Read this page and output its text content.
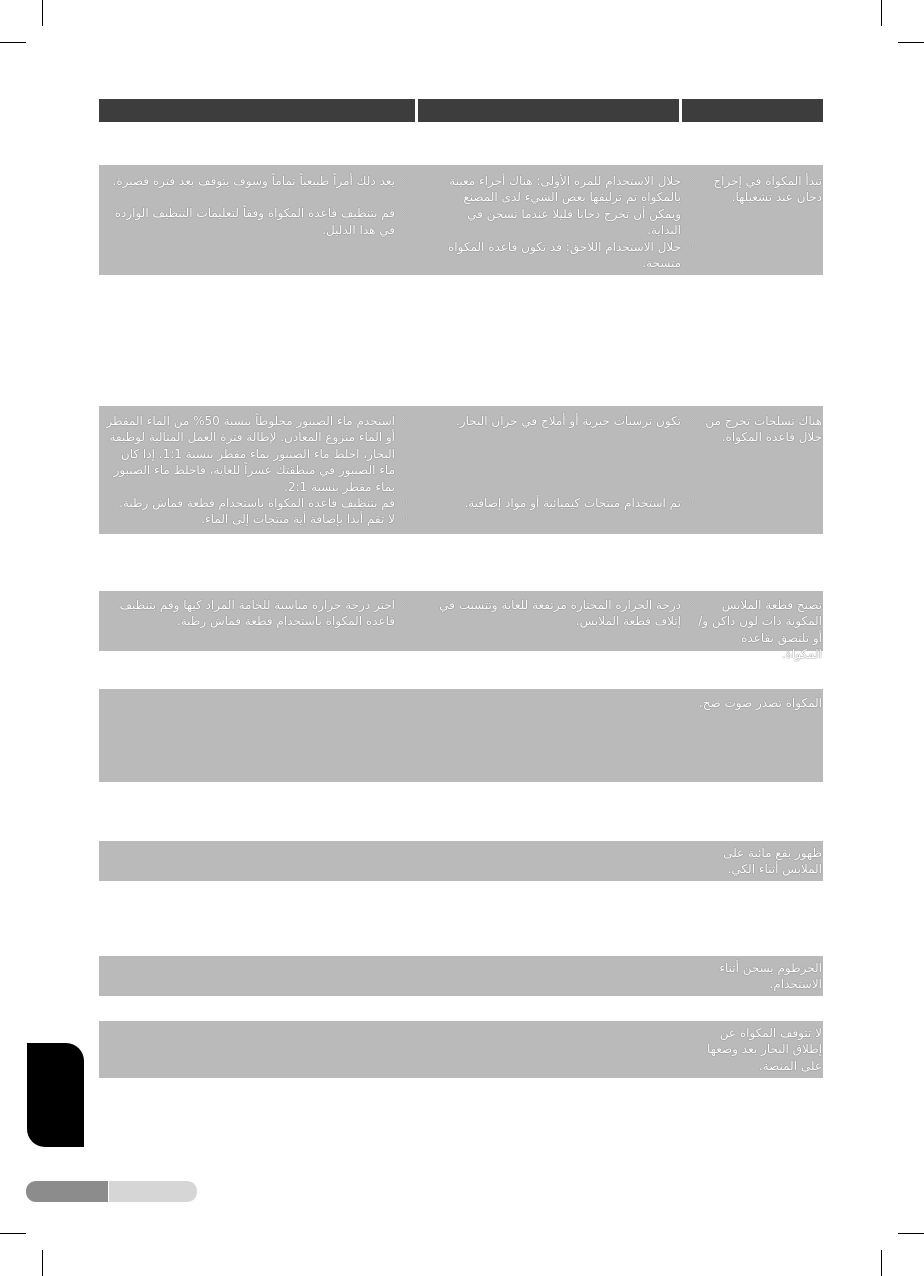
تبدأ المكواة في إخراج دخان عند تشغيلها.
◦ خلال الاستخدام للمرة الأولى: هناك أجزاء معينة بالمكواة تم تزليقها بعض الشيء لدى المصنع ويمكن أن تخرج دخانا قليلا عندما تسخن في البداية.
◦ خلال الاستخدام اللاحق: قد تكون قاعدة المكواة متسخة.
◦ يعد ذلك أمراً طبيعياً تماماً وسوف يتوقف بعد فترة قصيرة.
◦ قم بتنظيف قاعدة المكواة وفقاً لتعليمات التنظيف الواردة في هذا الدليل.
هناك تسلخات تخرج من خلال قاعدة المكواة.
◦ تكون ترسبات جيرية أو أملاح في خزان البخار.
◦ تم استخدام منتجات كيميائية أو مواد إضافية.
◦ استخدم ماء الصنبور مخلوطاً بنسبة 50% من الماء المقطر أو الماء منزوع المعادن. لإطالة فترة العمل المثالية لوظيفة البخار، اخلط ماء الصنبور بماء مقطر بنسبة 1:1. إذا كان ماء الصنبور في منطقتك عسراً للغاية، فاخلط ماء الصنبور بماء مقطر بنسبة 2:1.
◦ قم بتنظيف قاعدة المكواة باستخدام قطعة قماش رطبة.
◦ لا تقم أبدا بإضافة أية منتجات إلى الماء.
تصبح قطعة الملابس المكوية ذات لون داكن و/ أو تلتصق بقاعدة المكواة.
◦ درجة الحرارة المختارة مرتفعة للغاية وتتسبب في إتلاف قطعة الملابس.
◦ اختر درجة حرارة مناسبة للخامة المراد كيها وقم بتنظيف قاعدة المكواة باستخدام قطعة قماش رطبة.
المكواة تصدر صوت ضخ.
ظهور بقع مائية على الملابس أثناء الكي.
الخرطوم يسخن أثناء الاستخدام.
لا تتوقف المكواة عن إطلاق البخار بعد وضعها على المنصة.
